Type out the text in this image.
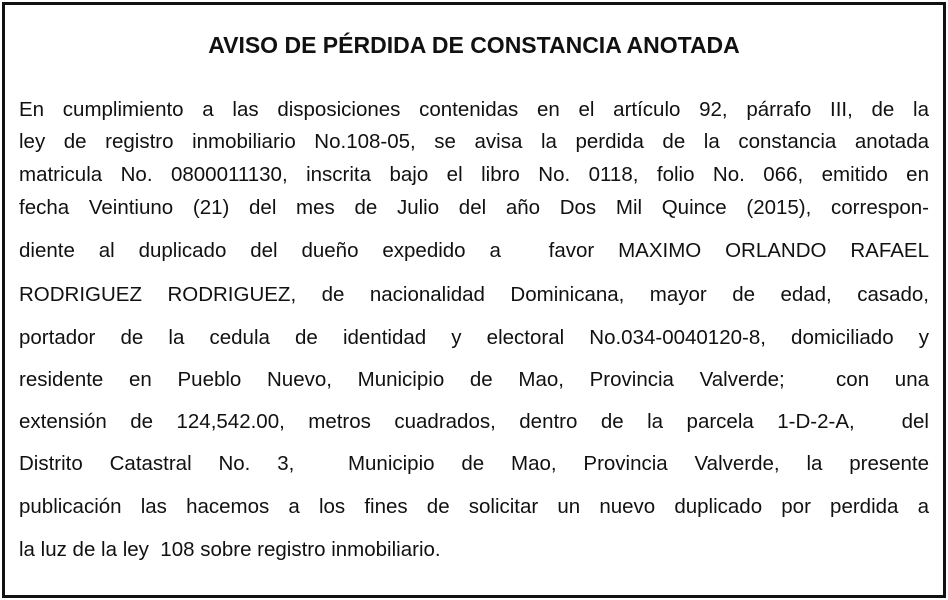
AVISO DE PÉRDIDA DE CONSTANCIA ANOTADA
En cumplimiento a las disposiciones contenidas en el artículo 92, párrafo III, de la
ley de registro inmobiliario No.108-05, se avisa la perdida de la constancia anotada
matricula No. 0800011130, inscrita bajo el libro No. 0118, folio No. 066, emitido en
fecha Veintiuno (21) del mes de Julio del año Dos Mil Quince (2015), correspon-
diente al duplicado del dueño expedido a  favor MAXIMO ORLANDO RAFAEL
RODRIGUEZ RODRIGUEZ, de nacionalidad Dominicana, mayor de edad, casado,
portador de la cedula de identidad y electoral No.034-0040120-8, domiciliado y
residente en Pueblo Nuevo, Municipio de Mao, Provincia Valverde;  con una
extensión de 124,542.00, metros cuadrados, dentro de la parcela 1-D-2-A,  del
Distrito Catastral No. 3,  Municipio de Mao, Provincia Valverde, la presente
publicación las hacemos a los fines de solicitar un nuevo duplicado por perdida a
la luz de la ley  108 sobre registro inmobiliario.
